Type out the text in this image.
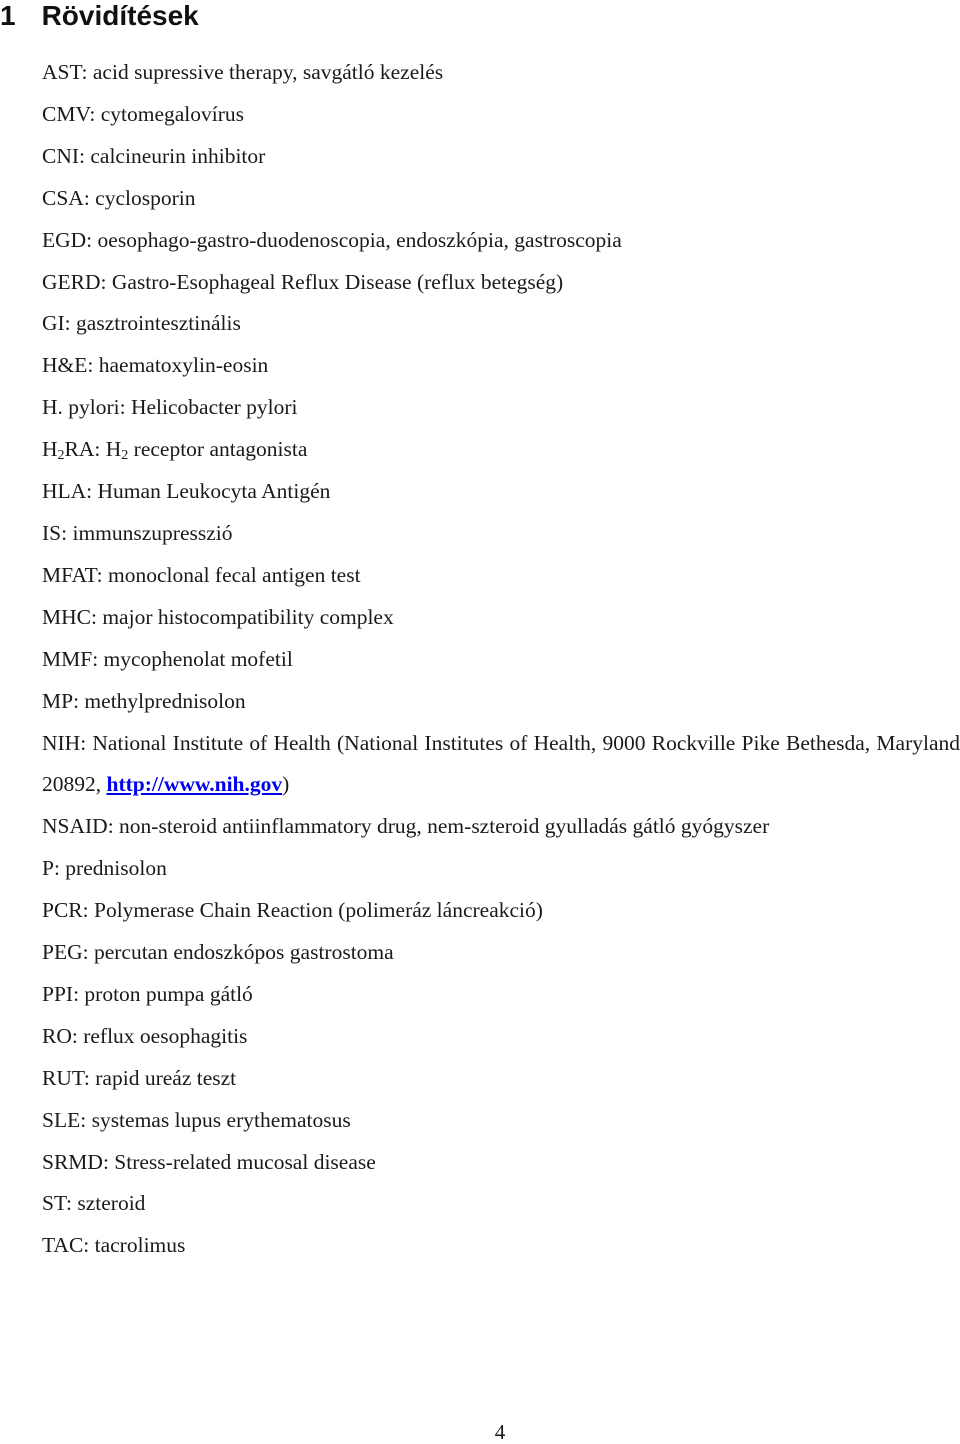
1 Rövidítések
AST: acid supressive therapy, savgátló kezelés
CMV: cytomegalovírus
CNI: calcineurin inhibitor
CSA: cyclosporin
EGD: oesophago-gastro-duodenoscopia, endoszkópia, gastroscopia
GERD: Gastro-Esophageal Reflux Disease (reflux betegség)
GI: gasztrointesztinális
H&E: haematoxylin-eosin
H. pylori: Helicobacter pylori
$H_2RA$: $H_2$ receptor antagonista
HLA: Human Leukocyta Antigén
IS: immunszupresszió
MFAT: monoclonal fecal antigen test
MHC: major histocompatibility complex
MMF: mycophenolat mofetil
MP: methylprednisolon
NIH: National Institute of Health (National Institutes of Health, 9000 Rockville Pike Bethesda, Maryland 20892, http://www.nih.gov)
NSAID: non-steroid antiinflammatory drug, nem-szteroid gyulladás gátló gyógyszer
P: prednisolon
PCR: Polymerase Chain Reaction (polimeráz láncreakció)
PEG: percutan endoszkópos gastrostoma
PPI: proton pumpa gátló
RO: reflux oesophagitis
RUT: rapid ureáz teszt
SLE: systemas lupus erythematosus
SRMD: Stress-related mucosal disease
ST: szteroid
TAC: tacrolimus
4
